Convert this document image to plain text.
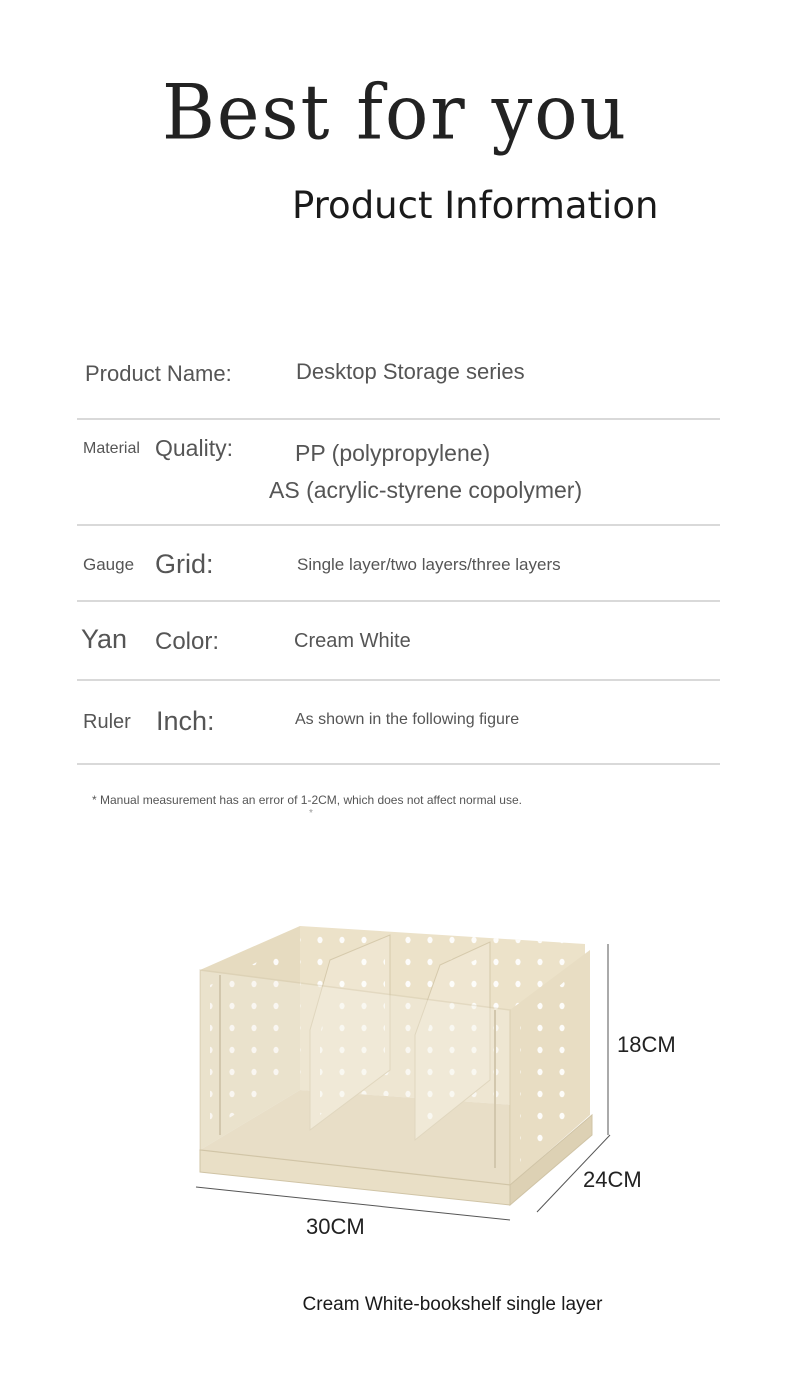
Best for you
Product Information
Product Name:	Desktop Storage series
Material Quality:	PP (polypropylene)
AS (acrylic-styrene copolymer)
Gauge Grid:	Single layer/two layers/three layers
Yan Color:	Cream White
Ruler Inch:	As shown in the following figure
* Manual measurement has an error of 1-2CM, which does not affect normal use.
*
18CM
24CM
30CM
Cream White-bookshelf single layer
